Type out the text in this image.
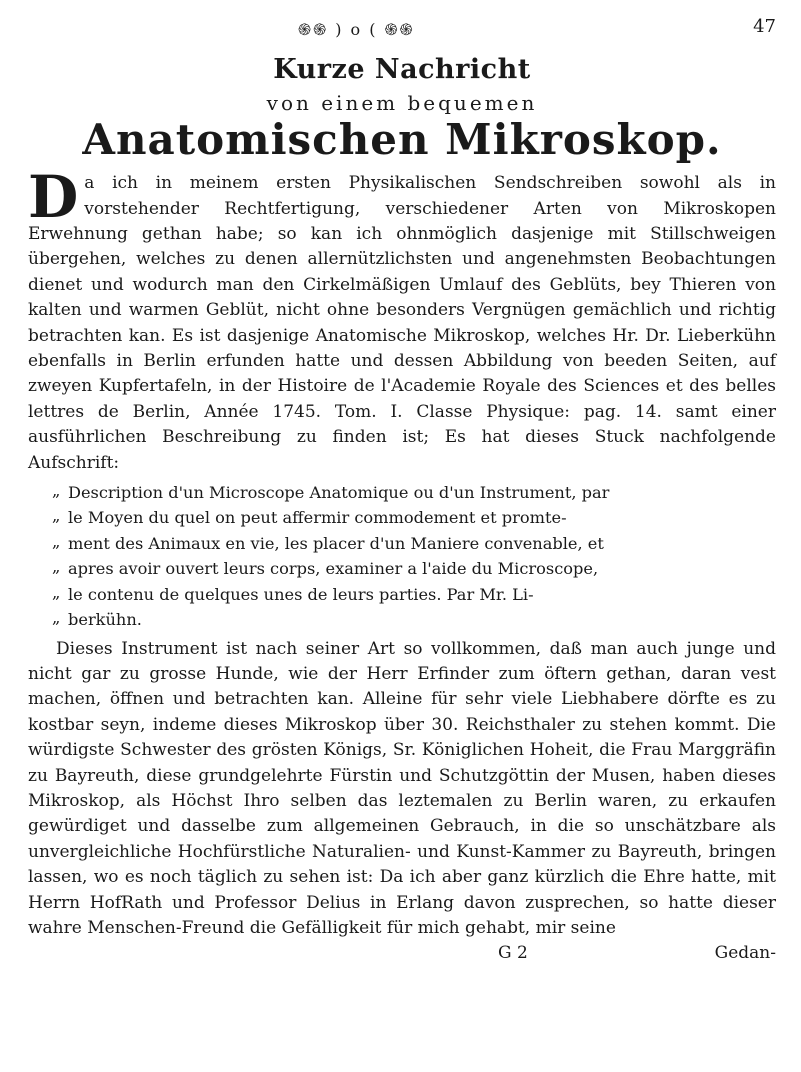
֍֍ ) o ( ֍֍	47
Kurze Nachricht
von einem bequemen
Anatomischen Mikroskop.

Da ich in meinem ersten Physikalischen Sendschreiben sowohl als in vorstehender Rechtfertigung, verschiedener Arten von Mikroskopen Erwehnung gethan habe; so kan ich ohnmöglich dasjenige mit Stillschweigen übergehen, welches zu denen allernützlichsten und angenehmsten Beobachtungen dienet und wodurch man den Cirkelmäßigen Umlauf des Geblüts, bey Thieren von kalten und warmen Geblüt, nicht ohne besonders Vergnügen gemächlich und richtig betrachten kan. Es ist dasjenige Anatomische Mikroskop, welches Hr. Dr. Lieberkühn ebenfalls in Berlin erfunden hatte und dessen Abbildung von beeden Seiten, auf zweyen Kupfertafeln, in der Histoire de l'Academie Royale des Sciences et des belles lettres de Berlin, Année 1745. Tom. I. Classe Physique: pag. 14. samt einer ausführlichen Beschreibung zu finden ist; Es hat dieses Stuck nachfolgende Aufschrift:

„ Description d'un Microscope Anatomique ou d'un Instrument, par
„ le Moyen du quel on peut affermir commodement et promte-
„ ment des Animaux en vie, les placer d'un Maniere convenable, et
„ apres avoir ouvert leurs corps, examiner a l'aide du Microscope,
„ le contenu de quelques unes de leurs parties. Par Mr. Li-
„ berkühn.

Dieses Instrument ist nach seiner Art so vollkommen, daß man auch junge und nicht gar zu grosse Hunde, wie der Herr Erfinder zum öftern gethan, daran vest machen, öffnen und betrachten kan. Alleine für sehr viele Liebhabere dörfte es zu kostbar seyn, indeme dieses Mikroskop über 30. Reichsthaler zu stehen kommt. Die würdigste Schwester des grösten Königs, Sr. Königlichen Hoheit, die Frau Marggräfin zu Bayreuth, diese grundgelehrte Fürstin und Schutzgöttin der Musen, haben dieses Mikroskop, als Höchst Ihro selben das leztemalen zu Berlin waren, zu erkaufen gewürdiget und dasselbe zum allgemeinen Gebrauch, in die so unschätzbare als unvergleichliche Hochfürstliche Naturalien- und Kunst-Kammer zu Bayreuth, bringen lassen, wo es noch täglich zu sehen ist: Da ich aber ganz kürzlich die Ehre hatte, mit Herrn HofRath und Professor Delius in Erlang davon zusprechen, so hatte dieser wahre Menschen-Freund die Gefälligkeit für mich gehabt, mir seine

G 2	Gedan-
